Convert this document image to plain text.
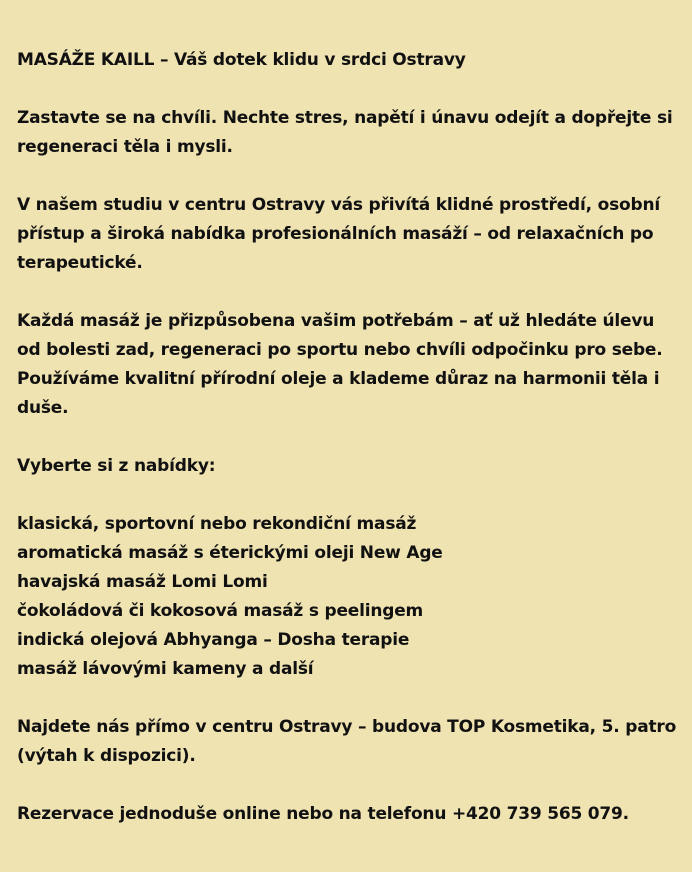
MASÁŽE KAILL – Váš dotek klidu v srdci Ostravy

Zastavte se na chvíli. Nechte stres, napětí i únavu odejít a dopřejte si regeneraci těla i mysli.

V našem studiu v centru Ostravy vás přivítá klidné prostředí, osobní přístup a široká nabídka profesionálních masáží – od relaxačních po terapeutické.

Každá masáž je přizpůsobena vašim potřebám – ať už hledáte úlevu od bolesti zad, regeneraci po sportu nebo chvíli odpočinku pro sebe. Používáme kvalitní přírodní oleje a klademe důraz na harmonii těla i duše.

Vyberte si z nabídky:

klasická, sportovní nebo rekondiční masáž
aromatická masáž s éterickými oleji New Age
havajská masáž Lomi Lomi
čokoládová či kokosová masáž s peelingem
indická olejová Abhyanga – Dosha terapie
masáž lávovými kameny a další

Najdete nás přímo v centru Ostravy – budova TOP Kosmetika, 5. patro (výtah k dispozici).

Rezervace jednoduše online nebo na telefonu +420 739 565 079.
